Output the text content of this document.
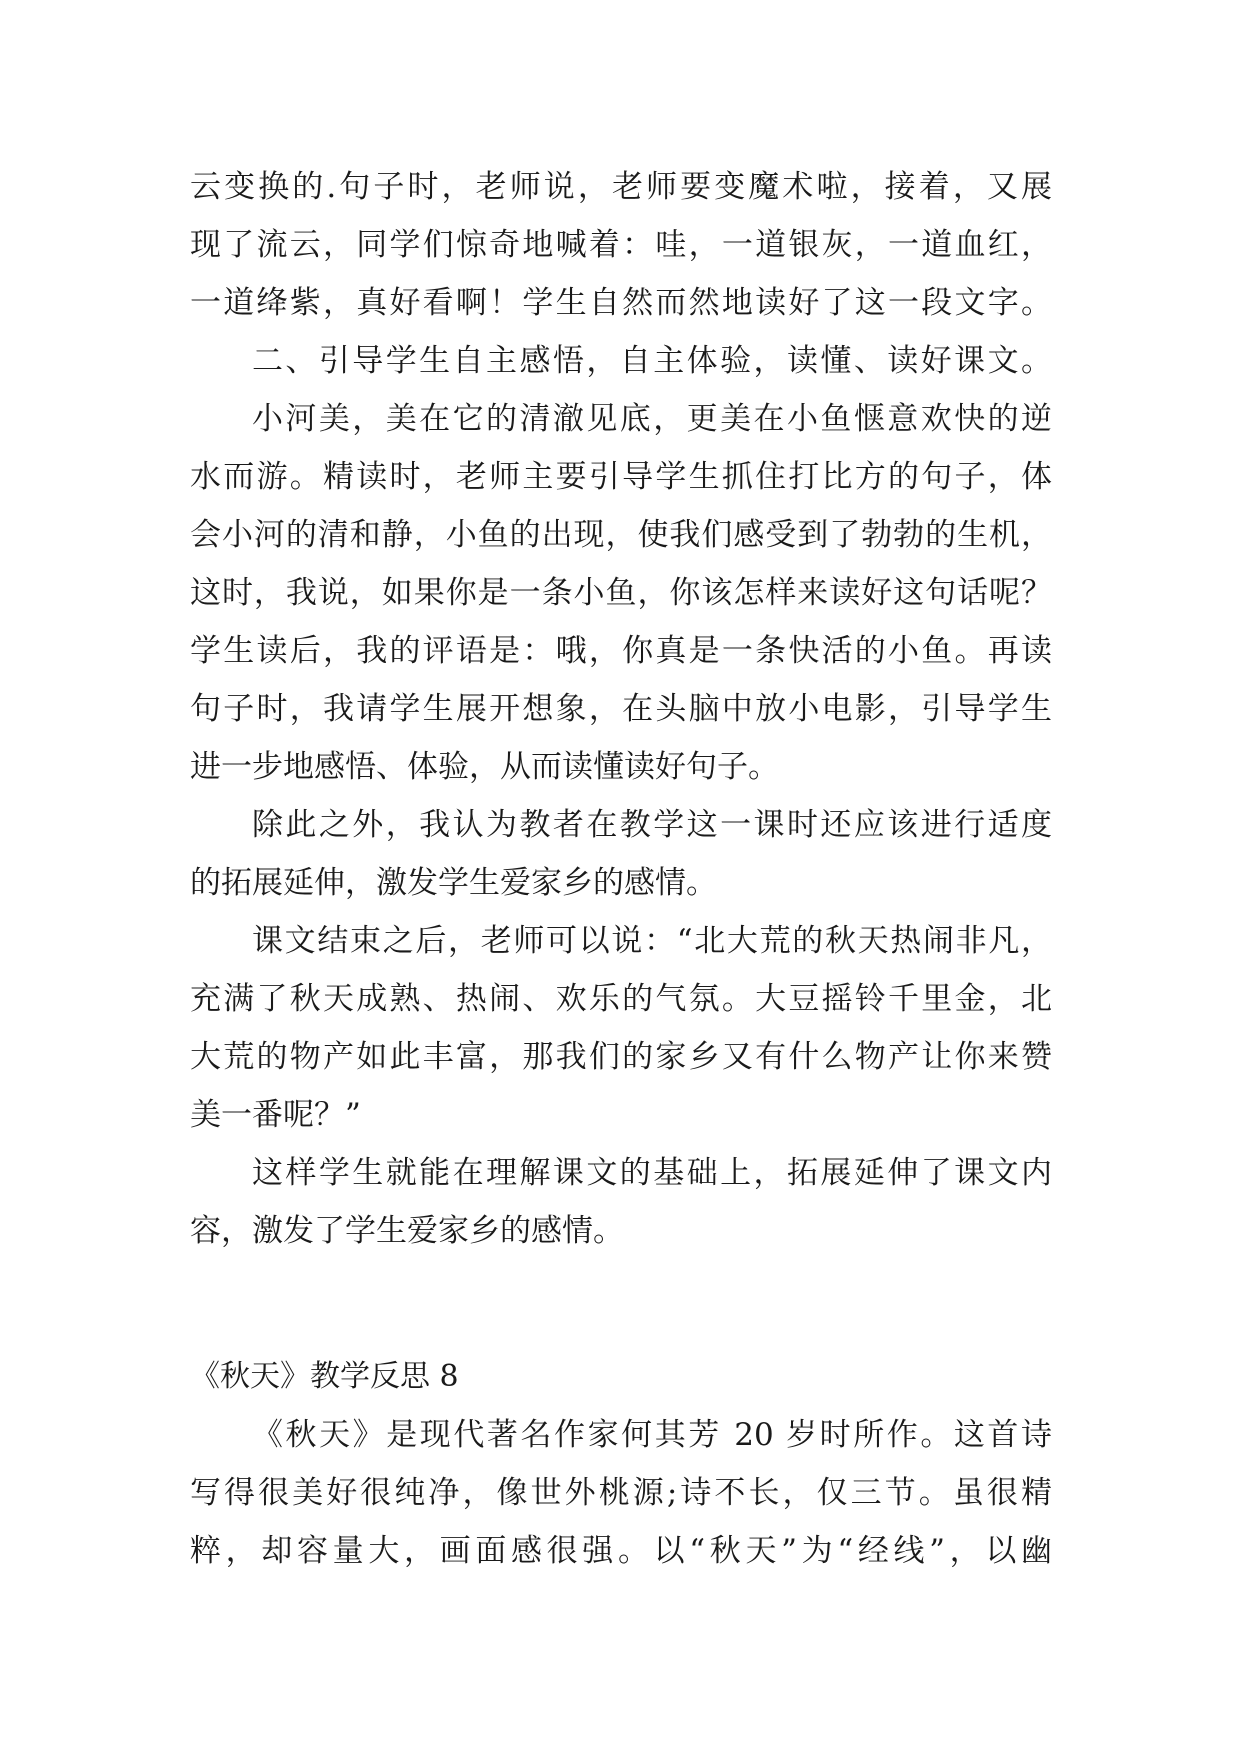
云变换的.句子时，老师说，老师要变魔术啦，接着，又展
现了流云，同学们惊奇地喊着：哇，一道银灰，一道血红，
一道绛紫，真好看啊！学生自然而然地读好了这一段文字。
二、引导学生自主感悟，自主体验，读懂、读好课文。
小河美，美在它的清澈见底，更美在小鱼惬意欢快的逆
水而游。精读时，老师主要引导学生抓住打比方的句子，体
会小河的清和静，小鱼的出现，使我们感受到了勃勃的生机，
这时，我说，如果你是一条小鱼，你该怎样来读好这句话呢？
学生读后，我的评语是：哦，你真是一条快活的小鱼。再读
句子时，我请学生展开想象，在头脑中放小电影，引导学生
进一步地感悟、体验，从而读懂读好句子。
除此之外，我认为教者在教学这一课时还应该进行适度
的拓展延伸，激发学生爱家乡的感情。
课文结束之后，老师可以说：“北大荒的秋天热闹非凡，
充满了秋天成熟、热闹、欢乐的气氛。大豆摇铃千里金，北
大荒的物产如此丰富，那我们的家乡又有什么物产让你来赞
美一番呢？”
这样学生就能在理解课文的基础上，拓展延伸了课文内
容，激发了学生爱家乡的感情。
《秋天》教学反思 8
《秋天》是现代著名作家何其芳 20 岁时所作。这首诗
写得很美好很纯净，像世外桃源;诗不长，仅三节。虽很精
粹，却容量大，画面感很强。以“秋天”为“经线”，以幽
